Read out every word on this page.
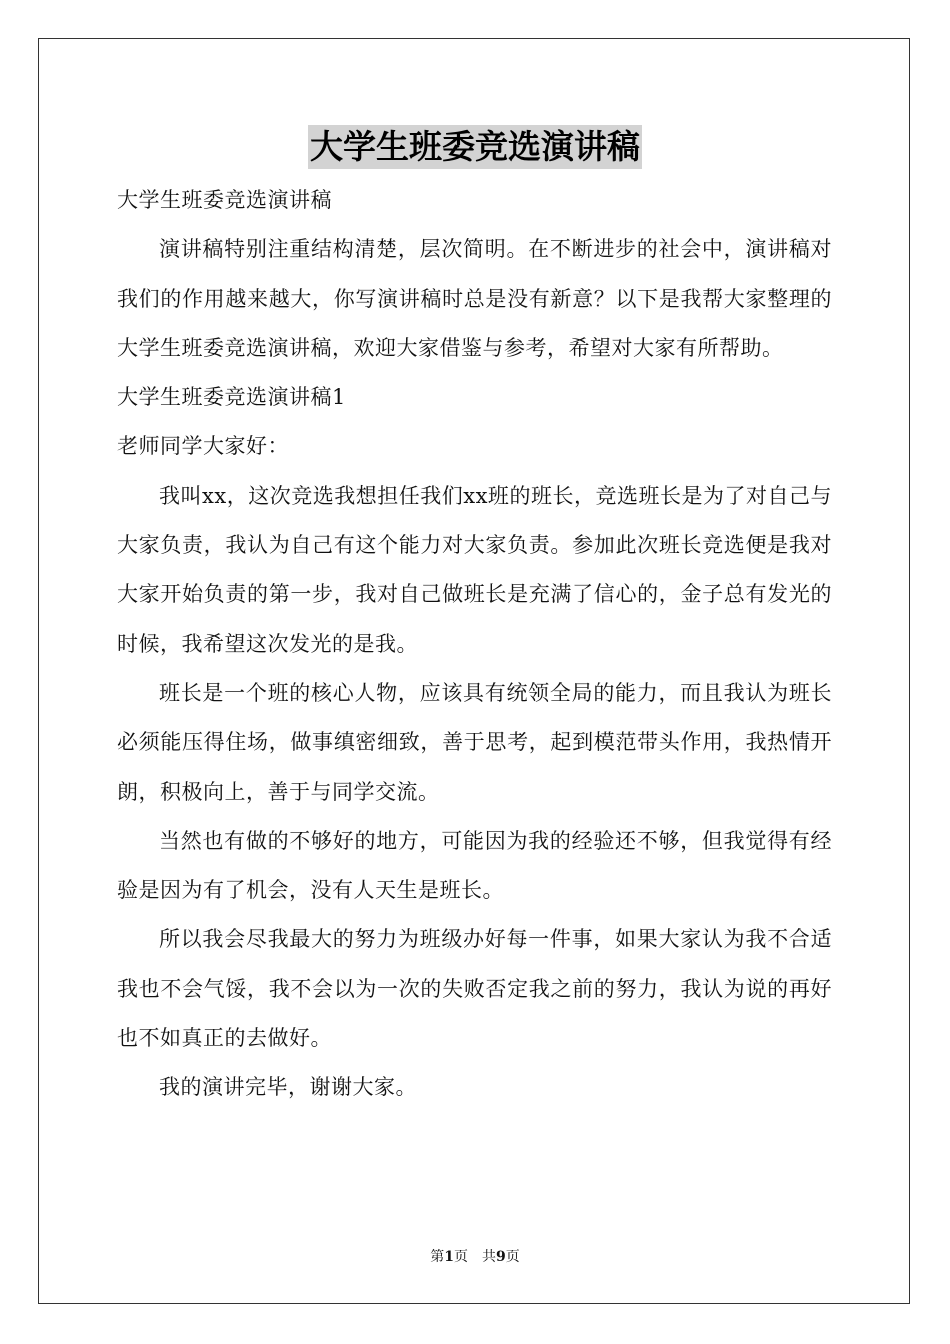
大学生班委竞选演讲稿

大学生班委竞选演讲稿

演讲稿特别注重结构清楚，层次简明。在不断进步的社会中，演讲稿对我们的作用越来越大，你写演讲稿时总是没有新意？以下是我帮大家整理的大学生班委竞选演讲稿，欢迎大家借鉴与参考，希望对大家有所帮助。

大学生班委竞选演讲稿1

老师同学大家好：

我叫xx，这次竞选我想担任我们xx班的班长，竞选班长是为了对自己与大家负责，我认为自己有这个能力对大家负责。参加此次班长竞选便是我对大家开始负责的第一步，我对自己做班长是充满了信心的，金子总有发光的时候，我希望这次发光的是我。

班长是一个班的核心人物，应该具有统领全局的能力，而且我认为班长必须能压得住场，做事缜密细致，善于思考，起到模范带头作用，我热情开朗，积极向上，善于与同学交流。

当然也有做的不够好的地方，可能因为我的经验还不够，但我觉得有经验是因为有了机会，没有人天生是班长。

所以我会尽我最大的努力为班级办好每一件事，如果大家认为我不合适我也不会气馁，我不会以为一次的失败否定我之前的努力，我认为说的再好也不如真正的去做好。

我的演讲完毕，谢谢大家。

第1页 共9页
